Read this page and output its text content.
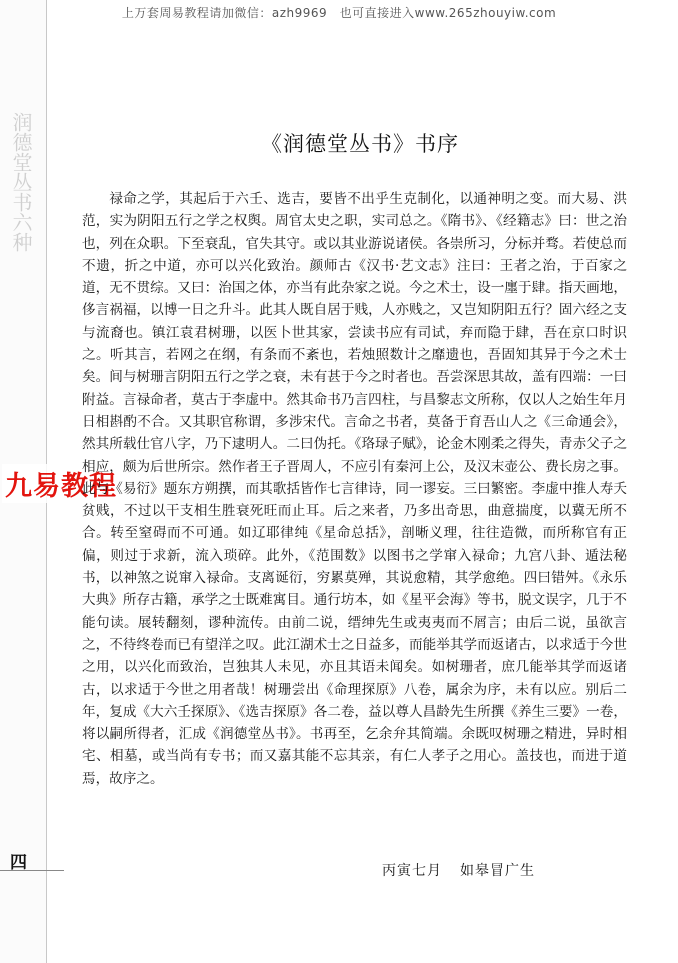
上万套周易教程请加微信：azh9969　也可直接进入www.265zhouyiw.com
润德堂丛书六种
四
九易教程
《润德堂丛书》书序

禄命之学，其起后于六壬、选吉，要皆不出乎生克制化，以通神明之变。而大易、洪范，实为阴阳五行之学之权舆。周官太史之职，实司总之。《隋书》、《经籍志》曰：世之治也，列在众职。下至衰乱，官失其守。或以其业游说诸侯。各崇所习，分标并骛。若使总而不遗，折之中道，亦可以兴化致治。颜师古《汉书·艺文志》注曰：王者之治，于百家之道，无不贯综。又曰：治国之体，亦当有此杂家之说。今之术士，设一廛于肆。指天画地，侈言祸福，以博一日之升斗。此其人既自居于贱，人亦贱之，又岂知阴阳五行？固六经之支与流裔也。镇江袁君树珊，以医卜世其家，尝读书应有司试，弃而隐于肆，吾在京口时识之。听其言，若网之在纲，有条而不紊也，若烛照数计之靡遗也，吾固知其异于今之术士矣。间与树珊言阴阳五行之学之衰，未有甚于今之时者也。吾尝深思其故，盖有四端：一曰附益。言禄命者，莫古于李虚中。然其命书乃言四柱，与昌黎志文所称，仅以人之始生年月日相斟酌不合。又其职官称谓，多涉宋代。言命之书者，莫备于育吾山人之《三命通会》，然其所载仕官八字，乃下逮明人。二曰伪托。《珞琭子赋》，论金木刚柔之得失，青赤父子之相应，颇为后世所宗。然作者王子晋周人，不应引有秦河上公，及汉末壶公、费长房之事。此与《易衍》题东方朔撰，而其歌括皆作七言律诗，同一谬妄。三曰繁密。李虚中推人寿夭贫贱，不过以干支相生胜衰死旺而止耳。后之来者，乃多出奇思，曲意揣度，以冀无所不合。转至窒碍而不可通。如辽耶律纯《星命总括》，剖晰义理，往往造微，而所称官有正偏，则过于求新，流入琐碎。此外，《范围数》以图书之学窜入禄命；九宫八卦、遁法秘书，以神煞之说窜入禄命。支离诞衍，穷累莫殚，其说愈精，其学愈绝。四曰错舛。《永乐大典》所存古籍，承学之士既难寓目。通行坊本，如《星平会海》等书，脱文误字，几于不能句读。展转翻刻，谬种流传。由前二说，缙绅先生或夷夷而不屑言；由后二说，虽欲言之，不待终卷而已有望洋之叹。此江湖术士之日益多，而能举其学而返诸古，以求适于今世之用，以兴化而致治，岂独其人未见，亦且其语未闻矣。如树珊者，庶几能举其学而返诸古，以求适于今世之用者哉！树珊尝出《命理探原》八卷，属余为序，未有以应。别后二年，复成《大六壬探原》、《选吉探原》各二卷，益以尊人昌龄先生所撰《养生三要》一卷，将以嗣所得者，汇成《润德堂丛书》。书再至，乞余弁其简端。余既叹树珊之精进，异时相宅、相墓，或当尚有专书；而又嘉其能不忘其亲，有仁人孝子之用心。盖技也，而进于道焉，故序之。

丙寅七月 如皋冒广生
